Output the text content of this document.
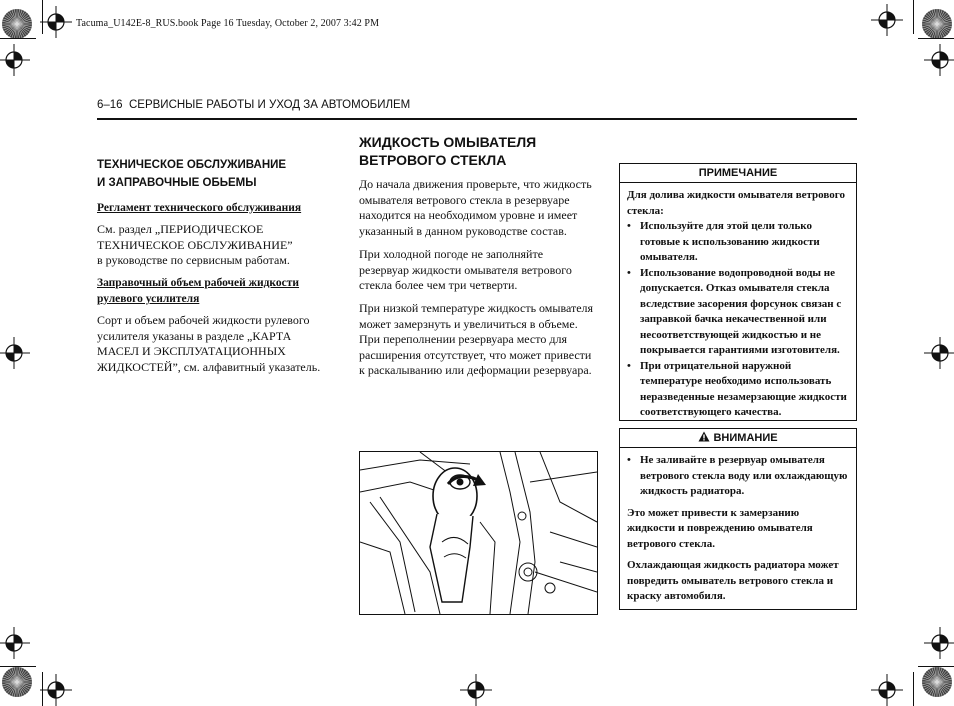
Tacuma_U142E-8_RUS.book Page 16 Tuesday, October 2, 2007 3:42 PM
6–16 СЕРВИСНЫЕ РАБОТЫ И УХОД ЗА АВТОМОБИЛЕМ
ТЕХНИЧЕСКОЕ ОБСЛУЖИВАНИЕ
И ЗАПРАВОЧНЫЕ ОБЬЕМЫ
Регламент технического обслуживания
См. раздел „ПЕРИОДИЧЕСКОЕ
ТЕХНИЧЕСКОЕ ОБСЛУЖИВАНИЕ”
в руководстве по сервисным работам.
Заправочный объем рабочей жидкости
рулевого усилителя
Сорт и объем рабочей жидкости рулевого
усилителя указаны в разделе „КАРТА
МАСЕЛ И ЭКСПЛУАТАЦИОННЫХ
ЖИДКОСТЕЙ”, см. алфавитный указатель.
ЖИДКОСТЬ ОМЫВАТЕЛЯ
ВЕТРОВОГО СТЕКЛА
До начала движения проверьте, что жидкость
омывателя ветрового стекла в резервуаре
находится на необходимом уровне и имеет
указанный в данном руководстве состав.
При холодной погоде не заполняйте
резервуар жидкости омывателя ветрового
стекла более чем три четверти.
При низкой температуре жидкость омывателя
может замерзнуть и увеличиться в объеме.
При переполнении резервуара место для
расширения отсутствует, что может привести
к раскалыванию или деформации резервуара.
ПРИМЕЧАНИЕ

Для долива жидкости омывателя ветрового стекла:

• Используйте для этой цели только готовые к использованию жидкости омывателя.
• Использование водопроводной воды не допускается. Отказ омывателя стекла вследствие засорения форсунок связан с заправкой бачка некачественной или несоответствующей жидкостью и не покрывается гарантиями изготовителя.
• При отрицательной наружной температуре необходимо использовать неразведенные незамерзающие жидкости соответствующего качества.
ВНИМАНИЕ
• Не заливайте в резервуар омывателя ветрового стекла воду или охлаждающую жидкость радиатора.

Это может привести к замерзанию жидкости и повреждению омывателя ветрового стекла.

Охлаждающая жидкость радиатора может повредить омыватель ветрового стекла и краску автомобиля.
